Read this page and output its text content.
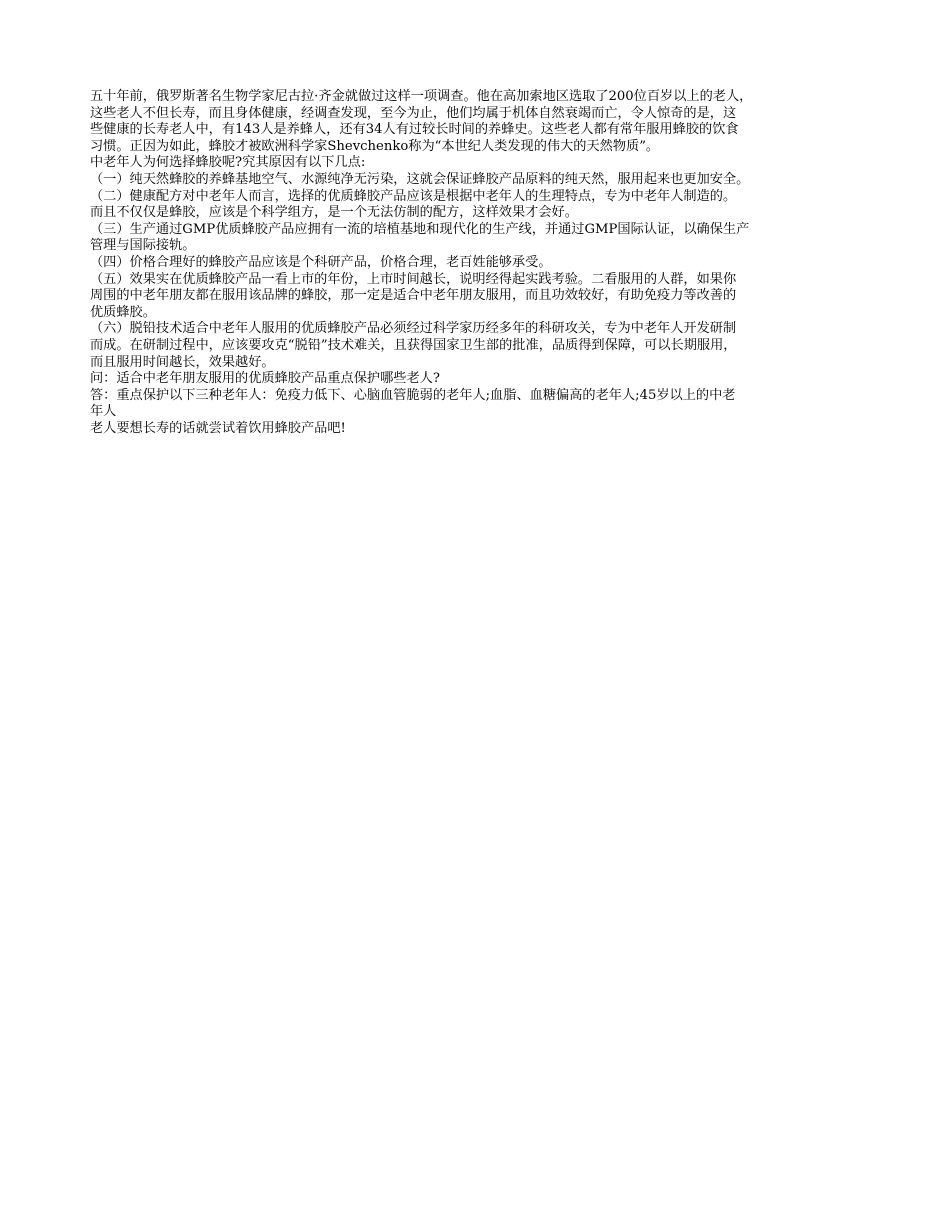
五十年前，俄罗斯著名生物学家尼古拉·齐金就做过这样一项调查。他在高加索地区选取了200位百岁以上的老人，
这些老人不但长寿，而且身体健康，经调查发现，至今为止，他们均属于机体自然衰竭而亡，令人惊奇的是，这
些健康的长寿老人中，有143人是养蜂人，还有34人有过较长时间的养蜂史。这些老人都有常年服用蜂胶的饮食
习惯。正因为如此，蜂胶才被欧洲科学家Shevchenko称为“本世纪人类发现的伟大的天然物质”。

中老年人为何选择蜂胶呢?究其原因有以下几点:

（一）纯天然蜂胶的养蜂基地空气、水源纯净无污染，这就会保证蜂胶产品原料的纯天然，服用起来也更加安全。

（二）健康配方对中老年人而言，选择的优质蜂胶产品应该是根据中老年人的生理特点，专为中老年人制造的。
而且不仅仅是蜂胶，应该是个科学组方，是一个无法仿制的配方，这样效果才会好。

（三）生产通过GMP优质蜂胶产品应拥有一流的培植基地和现代化的生产线，并通过GMP国际认证，以确保生产
管理与国际接轨。

（四）价格合理好的蜂胶产品应该是个科研产品，价格合理，老百姓能够承受。

（五）效果实在优质蜂胶产品一看上市的年份，上市时间越长，说明经得起实践考验。二看服用的人群，如果你
周围的中老年朋友都在服用该品牌的蜂胶，那一定是适合中老年朋友服用，而且功效较好，有助免疫力等改善的
优质蜂胶。

（六）脱铅技术适合中老年人服用的优质蜂胶产品必须经过科学家历经多年的科研攻关，专为中老年人开发研制
而成。在研制过程中，应该要攻克“脱铅”技术难关，且获得国家卫生部的批准，品质得到保障，可以长期服用，
而且服用时间越长，效果越好。

问：适合中老年朋友服用的优质蜂胶产品重点保护哪些老人?

答：重点保护以下三种老年人：免疫力低下、心脑血管脆弱的老年人;血脂、血糖偏高的老年人;45岁以上的中老
年人

老人要想长寿的话就尝试着饮用蜂胶产品吧!
